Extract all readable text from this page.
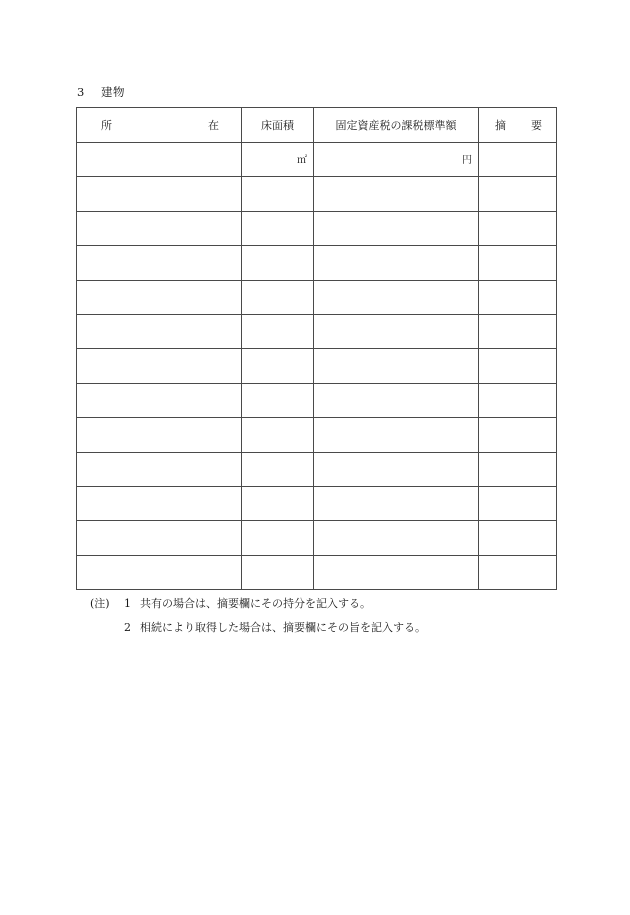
3 建物
所 在	床面積	固定資産税の課税標準額	摘 要

	㎡	円	

(注)	1 共有の場合は、摘要欄にその持分を記入する。
2 相続により取得した場合は、摘要欄にその旨を記入する。
